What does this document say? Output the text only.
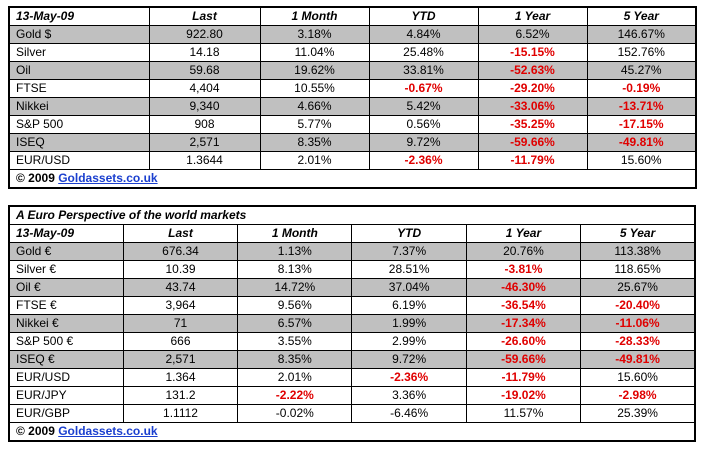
13-May-09	Last	1 Month	YTD	1 Year	5 Year
Gold $	922.80	3.18%	4.84%	6.52%	146.67%
Silver	14.18	11.04%	25.48%	-15.15%	152.76%
Oil	59.68	19.62%	33.81%	-52.63%	45.27%
FTSE	4,404	10.55%	-0.67%	-29.20%	-0.19%
Nikkei	9,340	4.66%	5.42%	-33.06%	-13.71%
S&P 500	908	5.77%	0.56%	-35.25%	-17.15%
ISEQ	2,571	8.35%	9.72%	-59.66%	-49.81%
EUR/USD	1.3644	2.01%	-2.36%	-11.79%	15.60%
© 2009 Goldassets.co.uk					
A Euro Perspective of the world markets					
13-May-09	Last	1 Month	YTD	1 Year	5 Year
Gold €	676.34	1.13%	7.37%	20.76%	113.38%
Silver €	10.39	8.13%	28.51%	-3.81%	118.65%
Oil €	43.74	14.72%	37.04%	-46.30%	25.67%
FTSE €	3,964	9.56%	6.19%	-36.54%	-20.40%
Nikkei €	71	6.57%	1.99%	-17.34%	-11.06%
S&P 500 €	666	3.55%	2.99%	-26.60%	-28.33%
ISEQ €	2,571	8.35%	9.72%	-59.66%	-49.81%
EUR/USD	1.364	2.01%	-2.36%	-11.79%	15.60%
EUR/JPY	131.2	-2.22%	3.36%	-19.02%	-2.98%
EUR/GBP	1.1112	-0.02%	-6.46%	11.57%	25.39%
© 2009 Goldassets.co.uk					
